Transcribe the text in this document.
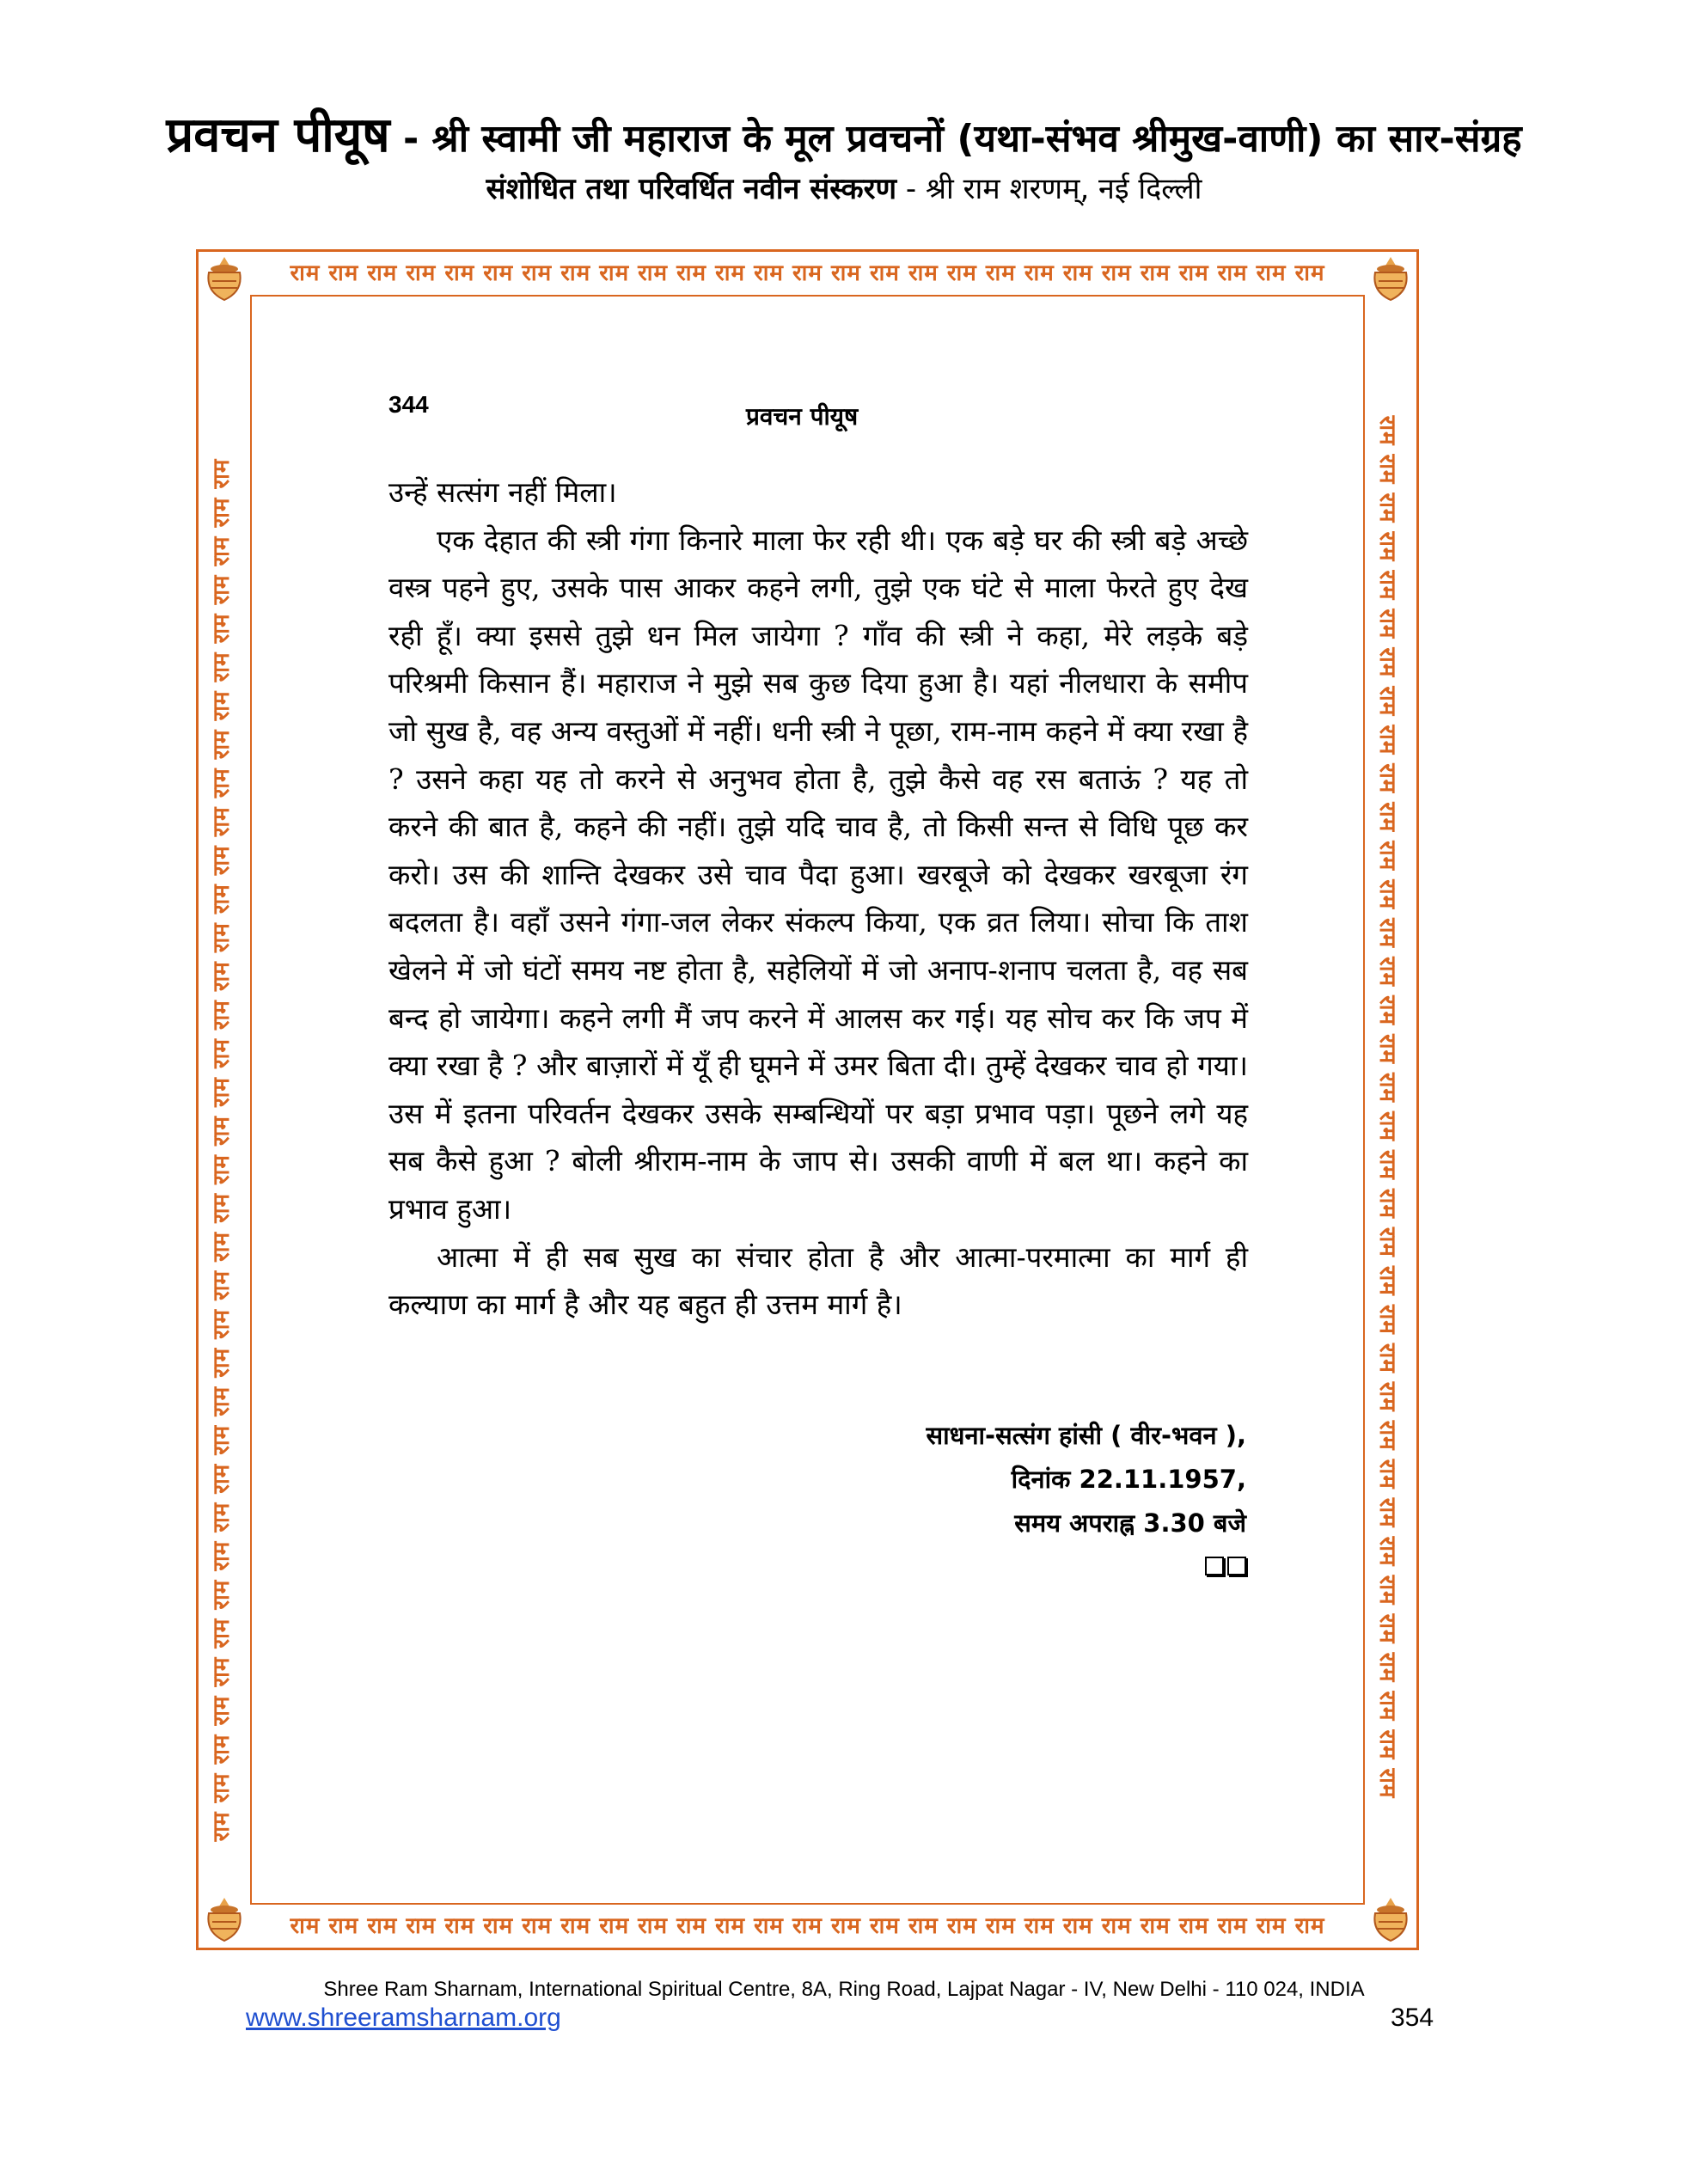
प्रवचन पीयूष - श्री स्वामी जी महाराज के मूल प्रवचनों (यथा-संभव श्रीमुख-वाणी) का सार-संग्रह
संशोधित तथा परिवर्धित नवीन संस्करण - श्री राम शरणम्, नई दिल्ली
राम राम राम राम राम राम राम राम राम राम राम राम राम राम राम राम राम राम राम राम राम राम राम राम राम राम राम
राम राम राम राम राम राम राम राम राम राम राम राम राम राम राम राम राम राम राम राम राम राम राम राम राम राम राम
राम राम राम राम राम राम राम राम राम राम राम राम राम राम राम राम राम राम राम राम राम राम राम राम राम राम राम राम राम राम राम राम राम राम राम राम	राम राम राम राम राम राम राम राम राम राम राम राम राम राम राम राम राम राम राम राम राम राम राम राम राम राम राम राम राम राम राम राम राम राम राम राम
344	प्रवचन पीयूष

उन्हें सत्संग नहीं मिला।

एक देहात की स्त्री गंगा किनारे माला फेर रही थी। एक बड़े घर की स्त्री बड़े अच्छे वस्त्र पहने हुए, उसके पास आकर कहने लगी, तुझे एक घंटे से माला फेरते हुए देख रही हूँ। क्या इससे तुझे धन मिल जायेगा ? गाँव की स्त्री ने कहा, मेरे लड़के बड़े परिश्रमी किसान हैं। महाराज ने मुझे सब कुछ दिया हुआ है। यहां नीलधारा के समीप जो सुख है, वह अन्य वस्तुओं में नहीं। धनी स्त्री ने पूछा, राम-नाम कहने में क्या रखा है ? उसने कहा यह तो करने से अनुभव होता है, तुझे कैसे वह रस बताऊं ? यह तो करने की बात है, कहने की नहीं। तुझे यदि चाव है, तो किसी सन्त से विधि पूछ कर करो। उस की शान्ति देखकर उसे चाव पैदा हुआ। खरबूजे को देखकर खरबूजा रंग बदलता है। वहाँ उसने गंगा-जल लेकर संकल्प किया, एक व्रत लिया। सोचा कि ताश खेलने में जो घंटों समय नष्ट होता है, सहेलियों में जो अनाप-शनाप चलता है, वह सब बन्द हो जायेगा। कहने लगी मैं जप करने में आलस कर गई। यह सोच कर कि जप में क्या रखा है ? और बाज़ारों में यूँ ही घूमने में उमर बिता दी। तुम्हें देखकर चाव हो गया। उस में इतना परिवर्तन देखकर उसके सम्बन्धियों पर बड़ा प्रभाव पड़ा। पूछने लगे यह सब कैसे हुआ ? बोली श्रीराम-नाम के जाप से। उसकी वाणी में बल था। कहने का प्रभाव हुआ।

आत्मा में ही सब सुख का संचार होता है और आत्मा-परमात्मा का मार्ग ही कल्याण का मार्ग है और यह बहुत ही उत्तम मार्ग है।

साधना-सत्संग हांसी ( वीर-भवन ),
दिनांक 22.11.1957,
समय अपराह्न 3.30 बजे
Shree Ram Sharnam, International Spiritual Centre, 8A, Ring Road, Lajpat Nagar - IV, New Delhi - 110 024, INDIA
www.shreeramsharnam.org	354
